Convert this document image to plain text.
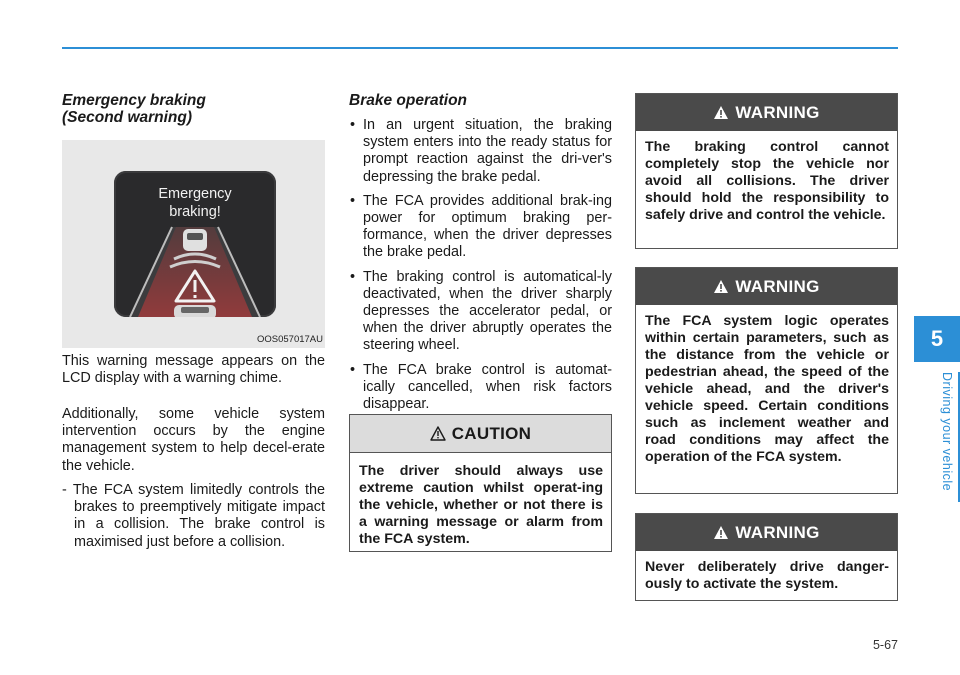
Emergency braking
(Second warning)
Emergency
braking!
OOS057017AU

This warning message appears on the LCD display with a warning chime.

Additionally, some vehicle system intervention occurs by the engine management system to help decel-erate the vehicle.

- The FCA system limitedly controls the brakes to preemptively mitigate impact in a collision. The brake control is maximised just before a collision.

Brake operation
• In an urgent situation, the braking system enters into the ready status for prompt reaction against the dri-ver's depressing the brake pedal.
• The FCA provides additional brak-ing power for optimum braking per-formance, when the driver depresses the brake pedal.
• The braking control is automatical-ly deactivated, when the driver sharply depresses the accelerator pedal, or when the driver abruptly operates the steering wheel.
• The FCA brake control is automat-ically cancelled, when risk factors disappear.
CAUTION
The driver should always use extreme caution whilst operat-ing the vehicle, whether or not there is a warning message or alarm from the FCA system.
WARNING
The braking control cannot completely stop the vehicle nor avoid all collisions. The driver should hold the responsibility to safely drive and control the vehicle.
WARNING
The FCA system logic operates within certain parameters, such as the distance from the vehicle or pedestrian ahead, the speed of the vehicle ahead, and the driver's vehicle speed. Certain conditions such as inclement weather and road conditions may affect the operation of the FCA system.
WARNING
Never deliberately drive danger-ously to activate the system.
5
Driving your vehicle
5-67
